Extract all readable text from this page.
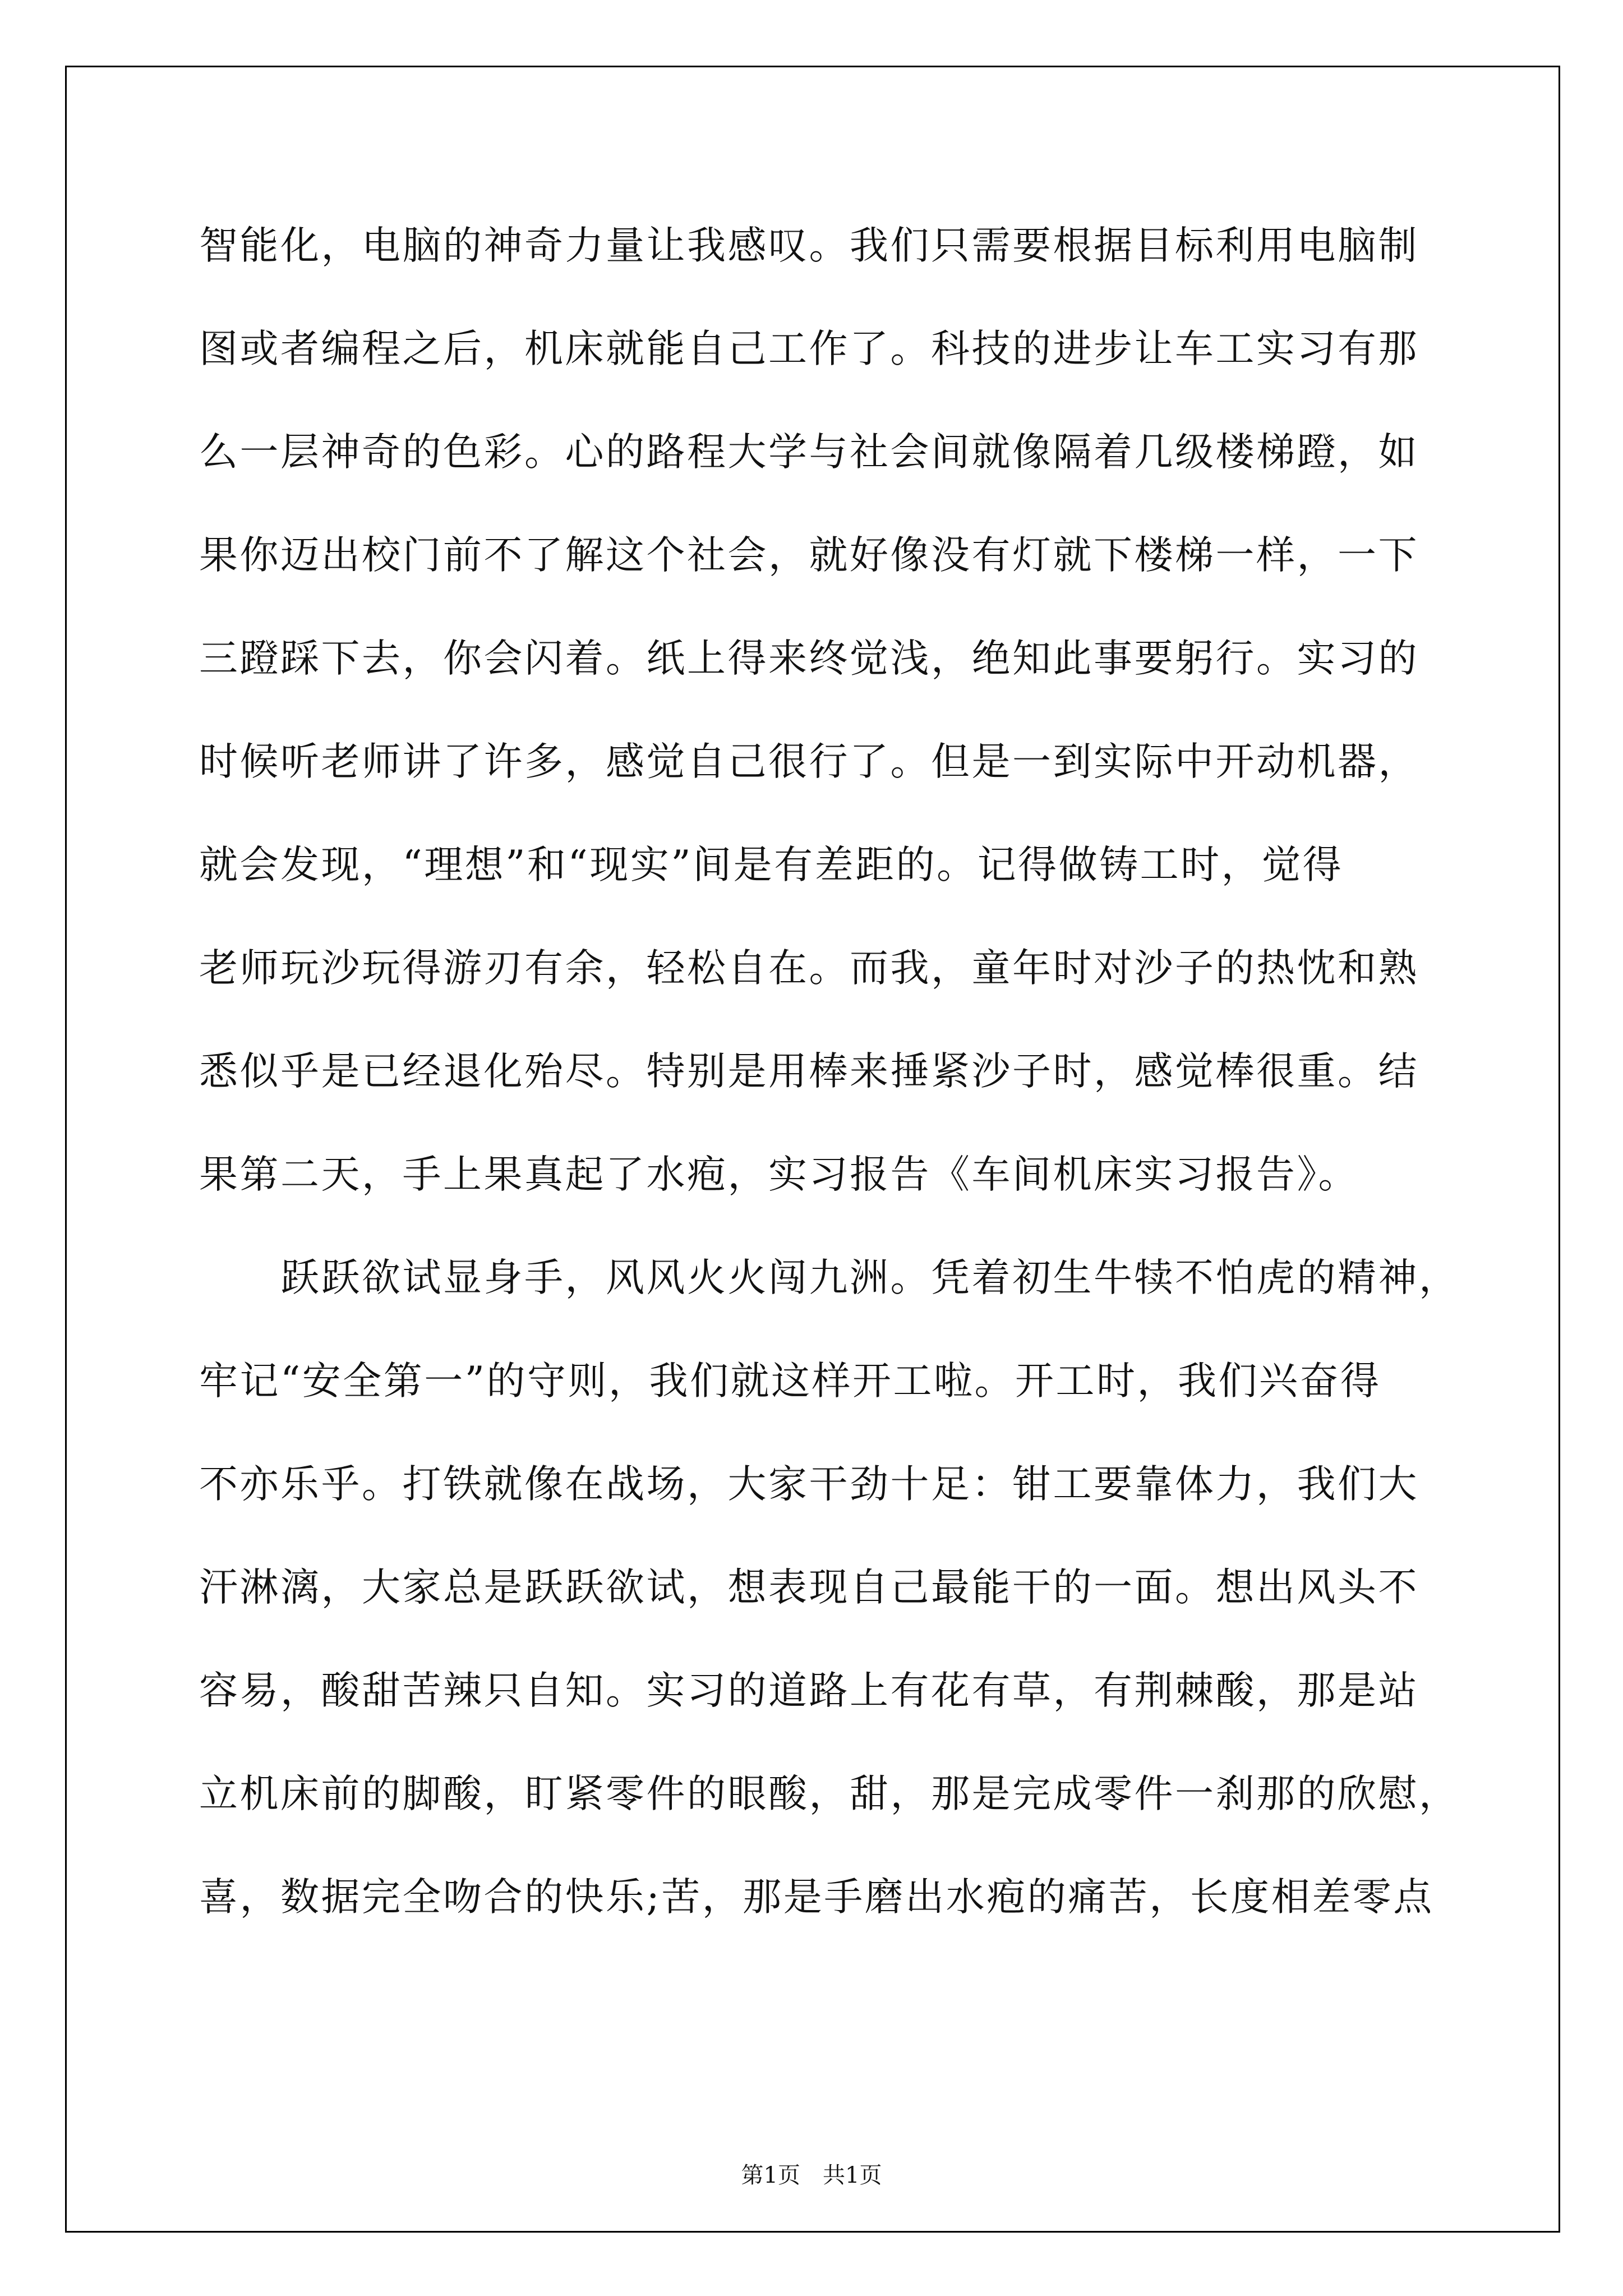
智能化，电脑的神奇力量让我感叹。我们只需要根据目标利用电脑制
图或者编程之后，机床就能自己工作了。科技的进步让车工实习有那
么一层神奇的色彩。心的路程大学与社会间就像隔着几级楼梯蹬，如
果你迈出校门前不了解这个社会，就好像没有灯就下楼梯一样，一下
三蹬踩下去，你会闪着。纸上得来终觉浅，绝知此事要躬行。实习的
时候听老师讲了许多，感觉自己很行了。但是一到实际中开动机器，
就会发现，“理想”和“现实”间是有差距的。记得做铸工时，觉得
老师玩沙玩得游刃有余，轻松自在。而我，童年时对沙子的热忱和熟
悉似乎是已经退化殆尽。特别是用棒来捶紧沙子时，感觉棒很重。结
果第二天，手上果真起了水疱，实习报告《车间机床实习报告》。
　　跃跃欲试显身手，风风火火闯九洲。凭着初生牛犊不怕虎的精神，
牢记“安全第一”的守则，我们就这样开工啦。开工时，我们兴奋得
不亦乐乎。打铁就像在战场，大家干劲十足：钳工要靠体力，我们大
汗淋漓，大家总是跃跃欲试，想表现自己最能干的一面。想出风头不
容易，酸甜苦辣只自知。实习的道路上有花有草，有荆棘酸，那是站
立机床前的脚酸，盯紧零件的眼酸，甜，那是完成零件一刹那的欣慰，
喜，数据完全吻合的快乐;苦，那是手磨出水疱的痛苦，长度相差零点
第1页　共1页
